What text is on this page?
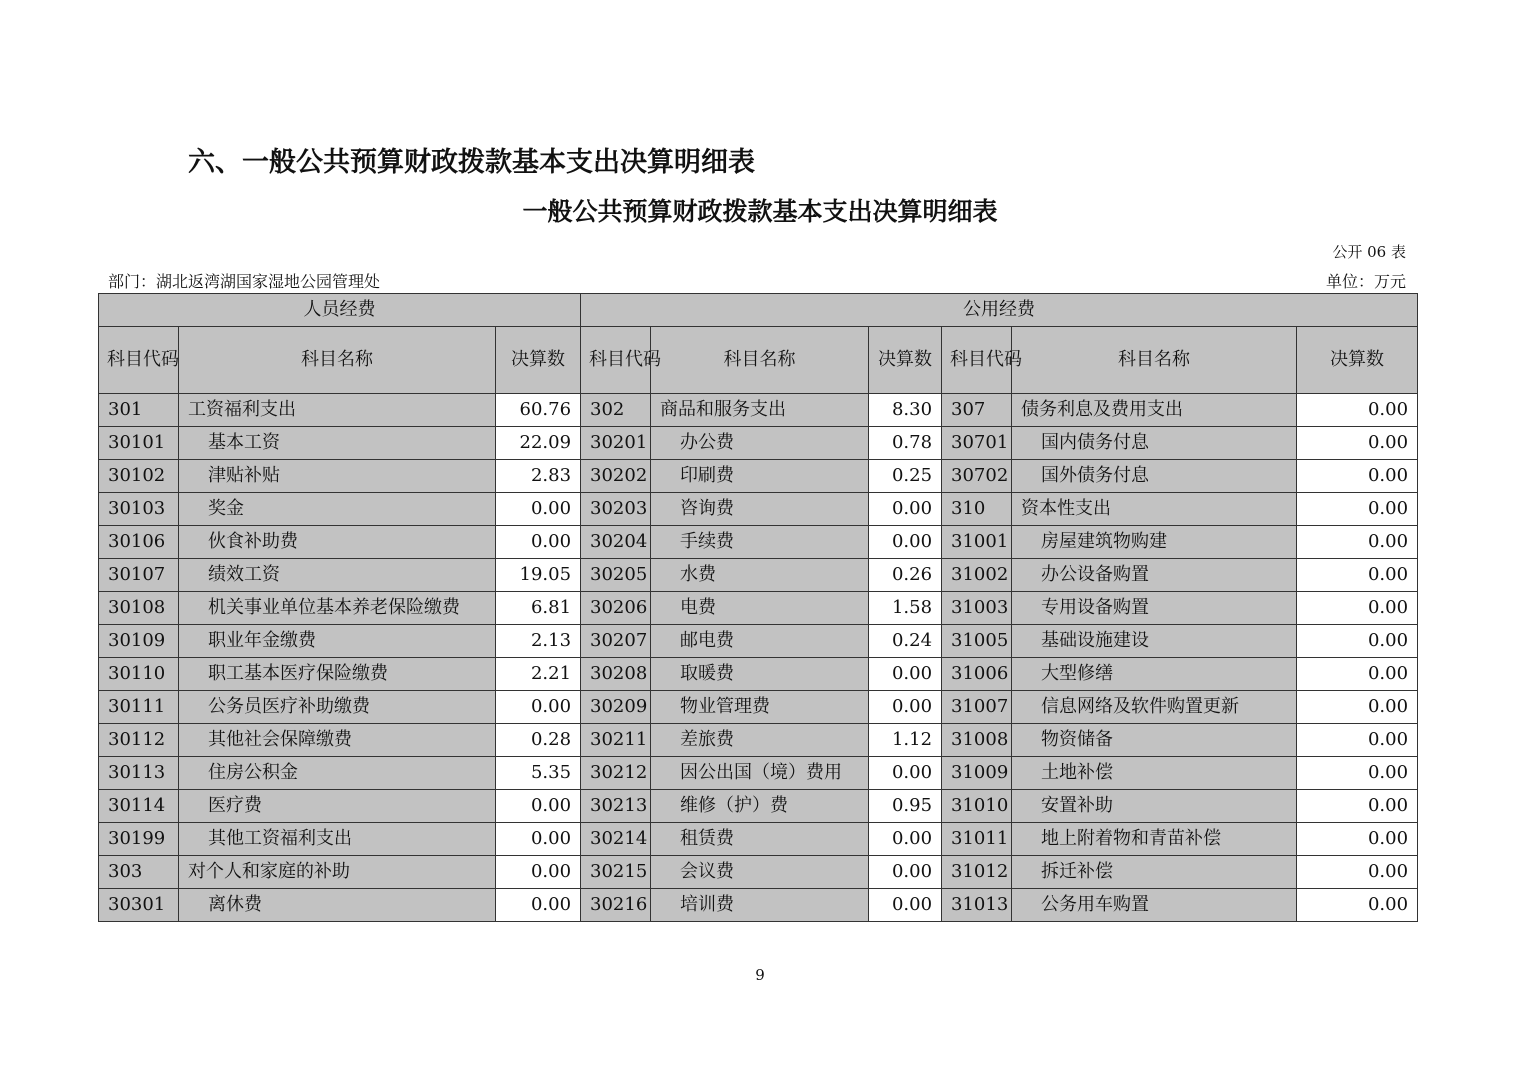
六、一般公共预算财政拨款基本支出决算明细表
一般公共预算财政拨款基本支出决算明细表
公开 06 表
部门：湖北返湾湖国家湿地公园管理处	单位：万元
人员经费			公用经费					
科目代码	科目名称	决算数	科目代码	科目名称	决算数	科目代码	科目名称	决算数
301	工资福利支出	60.76	302	商品和服务支出	8.30	307	债务利息及费用支出	0.00
30101	基本工资	22.09	30201	办公费	0.78	30701	国内债务付息	0.00
30102	津贴补贴	2.83	30202	印刷费	0.25	30702	国外债务付息	0.00
30103	奖金	0.00	30203	咨询费	0.00	310	资本性支出	0.00
30106	伙食补助费	0.00	30204	手续费	0.00	31001	房屋建筑物购建	0.00
30107	绩效工资	19.05	30205	水费	0.26	31002	办公设备购置	0.00
30108	机关事业单位基本养老保险缴费	6.81	30206	电费	1.58	31003	专用设备购置	0.00
30109	职业年金缴费	2.13	30207	邮电费	0.24	31005	基础设施建设	0.00
30110	职工基本医疗保险缴费	2.21	30208	取暖费	0.00	31006	大型修缮	0.00
30111	公务员医疗补助缴费	0.00	30209	物业管理费	0.00	31007	信息网络及软件购置更新	0.00
30112	其他社会保障缴费	0.28	30211	差旅费	1.12	31008	物资储备	0.00
30113	住房公积金	5.35	30212	因公出国（境）费用	0.00	31009	土地补偿	0.00
30114	医疗费	0.00	30213	维修（护）费	0.95	31010	安置补助	0.00
30199	其他工资福利支出	0.00	30214	租赁费	0.00	31011	地上附着物和青苗补偿	0.00
303	对个人和家庭的补助	0.00	30215	会议费	0.00	31012	拆迁补偿	0.00
30301	离休费	0.00	30216	培训费	0.00	31013	公务用车购置	0.00
9
